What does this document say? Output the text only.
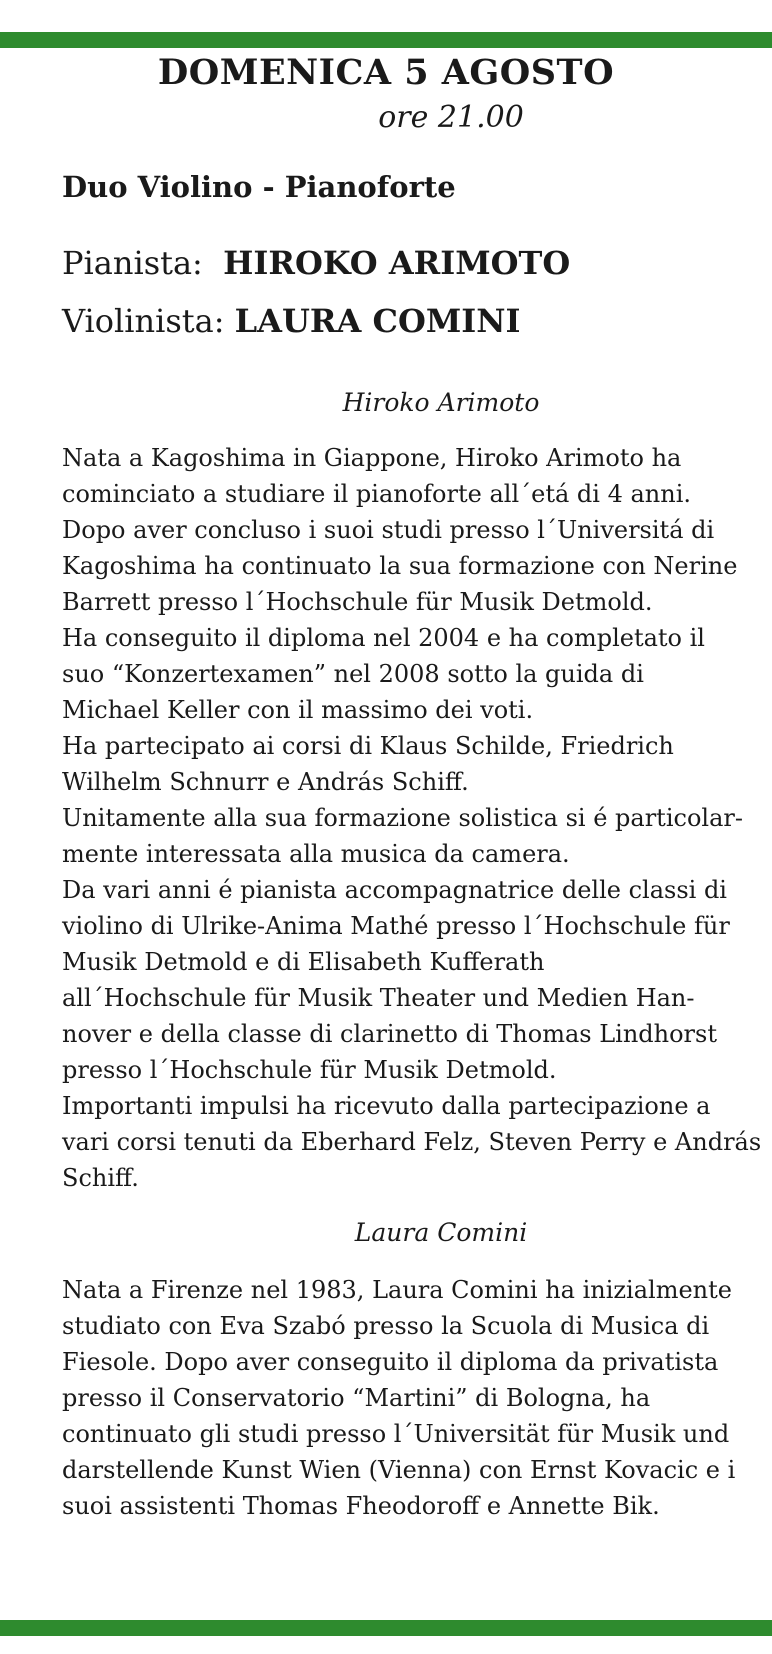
DOMENICA 5 AGOSTO
ore 21.00
Duo Violino - Pianoforte
Pianista: HIROKO ARIMOTO
Violinista: LAURA COMINI
Hiroko Arimoto

Nata a Kagoshima in Giappone, Hiroko Arimoto ha
cominciato a studiare il pianoforte all´etá di 4 anni.
Dopo aver concluso i suoi studi presso l´Universitá di
Kagoshima ha continuato la sua formazione con Nerine
Barrett presso l´Hochschule für Musik Detmold.
Ha conseguito il diploma nel 2004 e ha completato il
suo “Konzertexamen” nel 2008 sotto la guida di
Michael Keller con il massimo dei voti.
Ha partecipato ai corsi di Klaus Schilde, Friedrich
Wilhelm Schnurr e András Schiff.
Unitamente alla sua formazione solistica si é particolar-
mente interessata alla musica da camera.
Da vari anni é pianista accompagnatrice delle classi di
violino di Ulrike-Anima Mathé presso l´Hochschule für
Musik Detmold e di Elisabeth Kufferath
all´Hochschule für Musik Theater und Medien Han-
nover e della classe di clarinetto di Thomas Lindhorst
presso l´Hochschule für Musik Detmold.
Importanti impulsi ha ricevuto dalla partecipazione a
vari corsi tenuti da Eberhard Felz, Steven Perry e András
Schiff.

Laura Comini

Nata a Firenze nel 1983, Laura Comini ha inizialmente
studiato con Eva Szabó presso la Scuola di Musica di
Fiesole. Dopo aver conseguito il diploma da privatista
presso il Conservatorio “Martini” di Bologna, ha
continuato gli studi presso l´Universität für Musik und
darstellende Kunst Wien (Vienna) con Ernst Kovacic e i
suoi assistenti Thomas Fheodoroff e Annette Bik.
